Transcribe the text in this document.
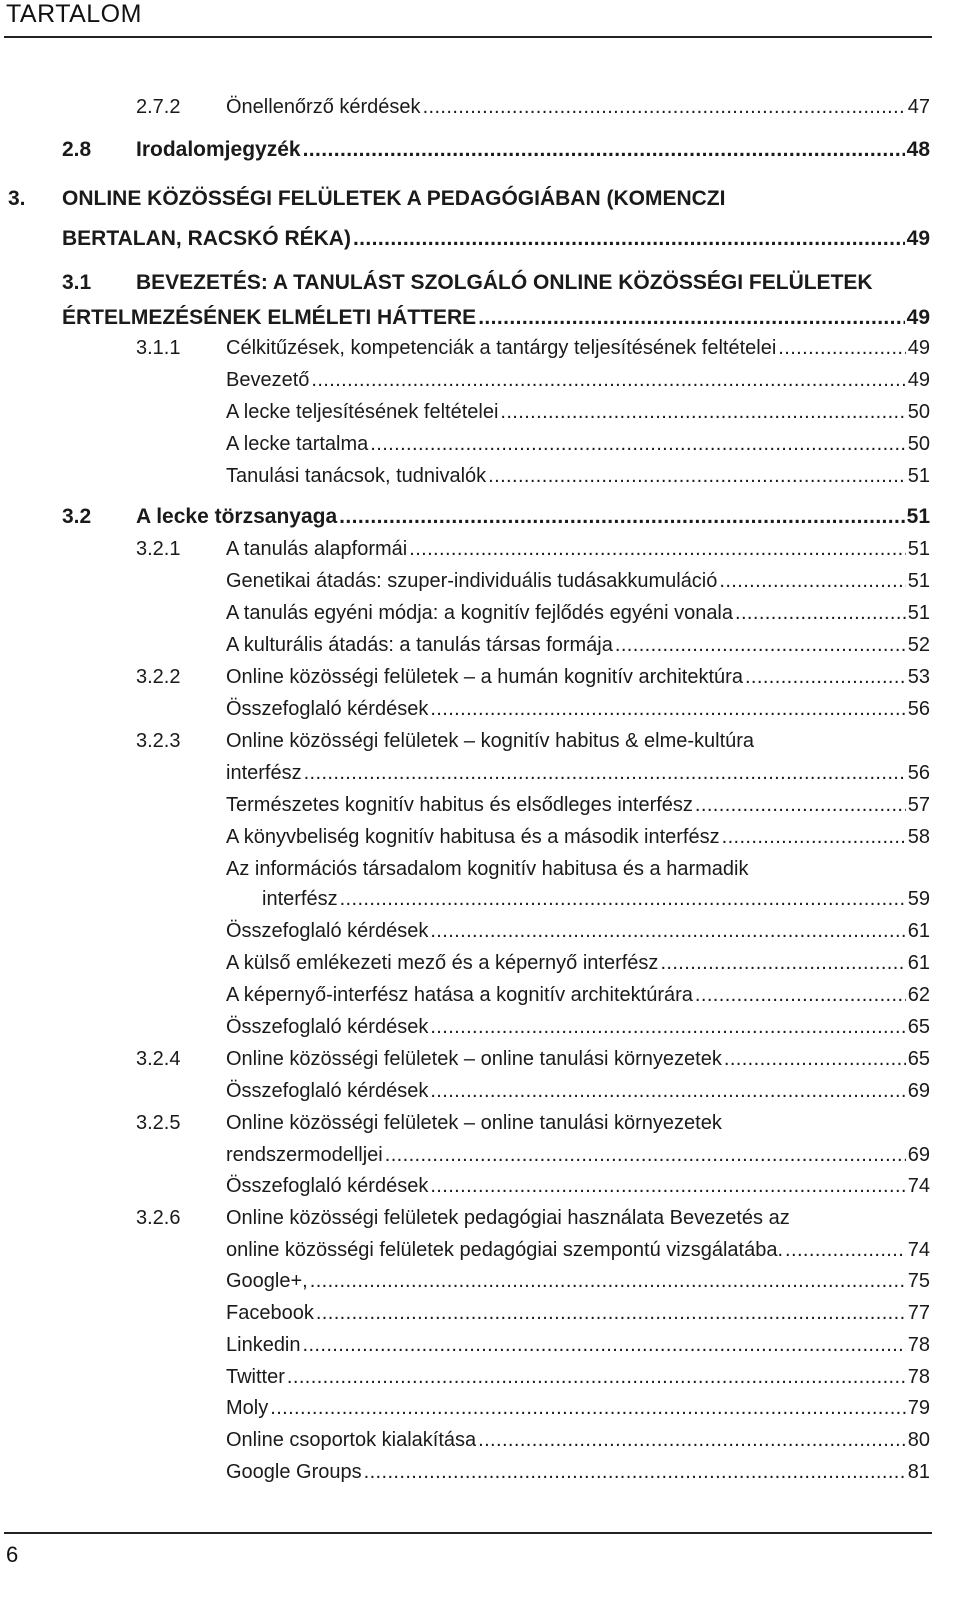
TARTALOM
2.7.2 Önellenőrző kérdések .....	47
2.8 Irodalomjegyzék .....	48
3. ONLINE KÖZÖSSÉGI FELÜLETEK A PEDAGÓGIÁBAN (KOMENCZI
BERTALAN, RACSKÓ RÉKA) .....	49
3.1 BEVEZETÉS: A TANULÁST SZOLGÁLÓ ONLINE KÖZÖSSÉGI FELÜLETEK
ÉRTELMEZÉSÉNEK ELMÉLETI HÁTTERE .....	49
3.1.1 Célkitűzések, kompetenciák a tantárgy teljesítésének feltételei .....	49
Bevezető .....	49
A lecke teljesítésének feltételei .....	50
A lecke tartalma .....	50
Tanulási tanácsok, tudnivalók .....	51
3.2 A lecke törzsanyaga .....	51
3.2.1 A tanulás alapformái .....	51
Genetikai átadás: szuper-individuális tudásakkumuláció .....	51
A tanulás egyéni módja: a kognitív fejlődés egyéni vonala .....	51
A kulturális átadás: a tanulás társas formája .....	52
3.2.2 Online közösségi felületek – a humán kognitív architektúra .....	53
Összefoglaló kérdések .....	56
3.2.3 Online közösségi felületek – kognitív habitus & elme-kultúra
interfész .....	56
Természetes kognitív habitus és elsődleges interfész .....	57
A könyvbeliség kognitív habitusa és a második interfész .....	58
Az információs társadalom kognitív habitusa és a harmadik
interfész .....	59
Összefoglaló kérdések .....	61
A külső emlékezeti mező és a képernyő interfész .....	61
A képernyő-interfész hatása a kognitív architektúrára .....	62
Összefoglaló kérdések .....	65
3.2.4 Online közösségi felületek – online tanulási környezetek .....	65
Összefoglaló kérdések .....	69
3.2.5 Online közösségi felületek – online tanulási környezetek
rendszermodelljei .....	69
Összefoglaló kérdések .....	74
3.2.6 Online közösségi felületek pedagógiai használata Bevezetés az
online közösségi felületek pedagógiai szempontú vizsgálatába. .....	74
Google+, .....	75
Facebook .....	77
Linkedin .....	78
Twitter .....	78
Moly .....	79
Online csoportok kialakítása .....	80
Google Groups .....	81
6
